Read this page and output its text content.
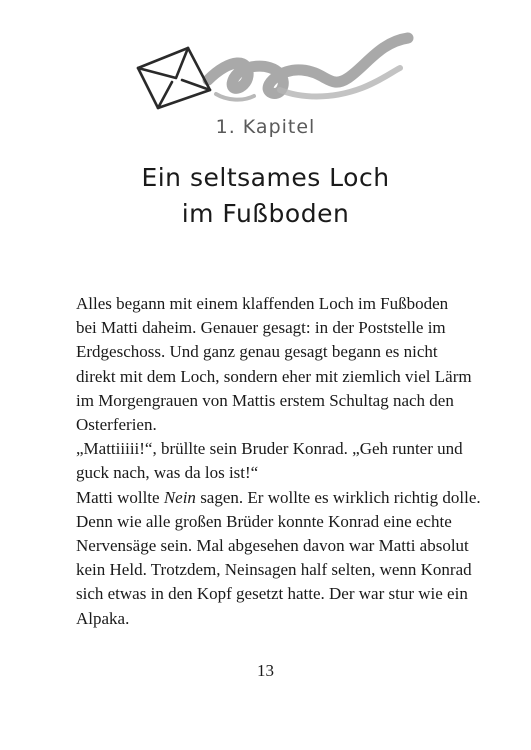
1. Kapitel
Ein seltsames Loch
im Fußboden
Alles begann mit einem klaffenden Loch im Fußboden
bei Matti daheim. Genauer gesagt: in der Poststelle im
Erdgeschoss. Und ganz genau gesagt begann es nicht
direkt mit dem Loch, sondern eher mit ziemlich viel Lärm
im Morgengrauen von Mattis erstem Schultag nach den
Osterferien.
„Mattiiiii!“, brüllte sein Bruder Konrad. „Geh runter und
guck nach, was da los ist!“
Matti wollte Nein sagen. Er wollte es wirklich richtig dolle.
Denn wie alle großen Brüder konnte Konrad eine echte
Nervensäge sein. Mal abgesehen davon war Matti absolut
kein Held. Trotzdem, Neinsagen half selten, wenn Konrad
sich etwas in den Kopf gesetzt hatte. Der war stur wie ein
Alpaka.
13
